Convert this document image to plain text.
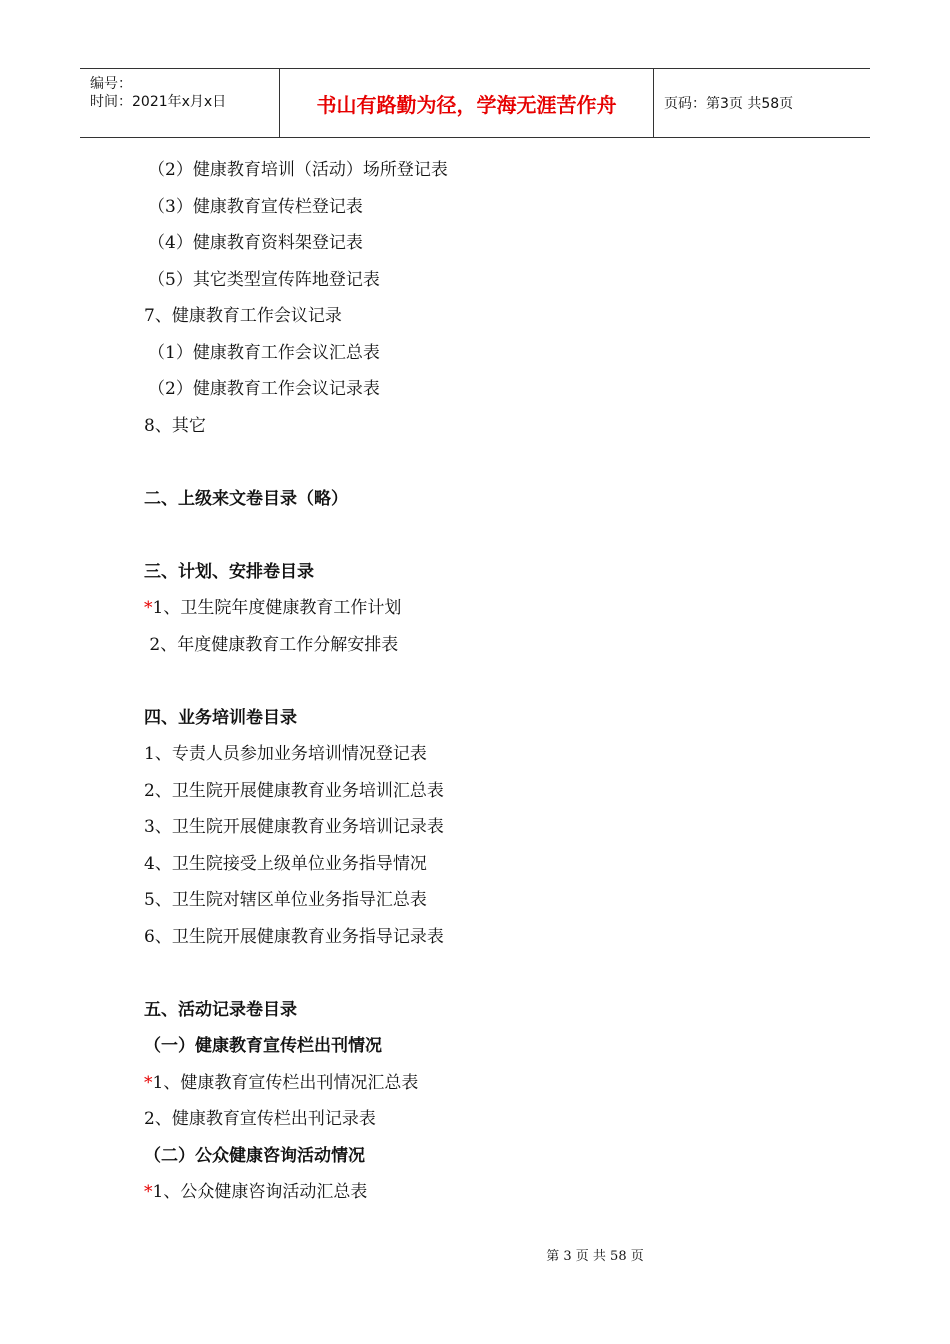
编号：
时间：2021年x月x日	书山有路勤为径，学海无涯苦作舟	页码：第3页 共58页
（2）健康教育培训（活动）场所登记表
（3）健康教育宣传栏登记表
（4）健康教育资料架登记表
（5）其它类型宣传阵地登记表
7、健康教育工作会议记录
（1）健康教育工作会议汇总表
（2）健康教育工作会议记录表
8、其它
二、上级来文卷目录（略）
三、计划、安排卷目录
*1、卫生院年度健康教育工作计划
2、年度健康教育工作分解安排表
四、业务培训卷目录
1、专责人员参加业务培训情况登记表
2、卫生院开展健康教育业务培训汇总表
3、卫生院开展健康教育业务培训记录表
4、卫生院接受上级单位业务指导情况
5、卫生院对辖区单位业务指导汇总表
6、卫生院开展健康教育业务指导记录表
五、活动记录卷目录
（一）健康教育宣传栏出刊情况
*1、健康教育宣传栏出刊情况汇总表
2、健康教育宣传栏出刊记录表
（二）公众健康咨询活动情况
*1、公众健康咨询活动汇总表
第 3 页 共 58 页
